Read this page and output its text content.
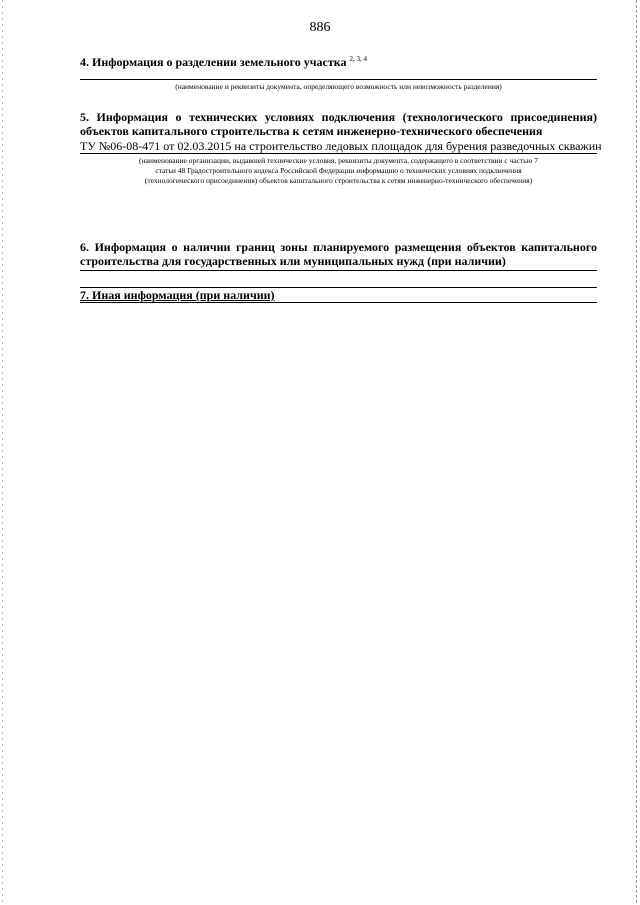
886
4. Информация о разделении земельного участка $^{2, 3, 4}$
(наименование и реквизиты документа, определяющего возможность или невозможность разделения)
5. Информация о технических условиях подключения (технологического присоединения) объектов капитального строительства к сетям инженерно-технического обеспечения
ТУ №06-08-471 от 02.03.2015 на строительство ледовых площадок для бурения разведочных скважин
(наименование организации, выдавшей технические условия, реквизиты документа, содержащего в соответствии с частью 7
статьи 48 Градостроительного кодекса Российской Федерации информацию о технических условиях подключения
(технологического присоединения) объектов капитального строительства к сетям инженерно-технического обеспечения)
6. Информация о наличии границ зоны планируемого размещения объектов капитального строительства для государственных или муниципальных нужд (при наличии)
7. Иная информация (при наличии)
